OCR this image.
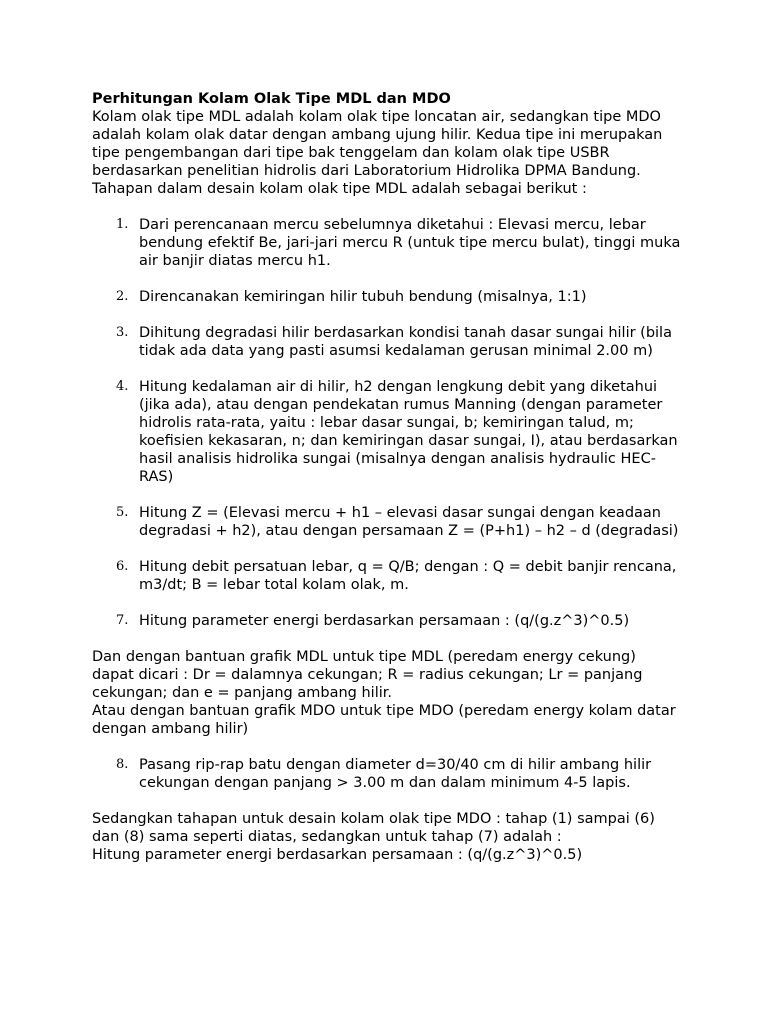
Perhitungan Kolam Olak Tipe MDL dan MDO

Kolam olak tipe MDL adalah kolam olak tipe loncatan air, sedangkan tipe MDO adalah kolam olak datar dengan ambang ujung hilir. Kedua tipe ini merupakan tipe pengembangan dari tipe bak tenggelam dan kolam olak tipe USBR berdasarkan penelitian hidrolis dari Laboratorium Hidrolika DPMA Bandung.

Tahapan dalam desain kolam olak tipe MDL adalah sebagai berikut :

1. Dari perencanaan mercu sebelumnya diketahui : Elevasi mercu, lebar bendung efektif Be, jari-jari mercu R (untuk tipe mercu bulat), tinggi muka air banjir diatas mercu h1.
2. Direncanakan kemiringan hilir tubuh bendung (misalnya, 1:1)
3. Dihitung degradasi hilir berdasarkan kondisi tanah dasar sungai hilir (bila tidak ada data yang pasti asumsi kedalaman gerusan minimal 2.00 m)
4. Hitung kedalaman air di hilir, h2 dengan lengkung debit yang diketahui (jika ada), atau dengan pendekatan rumus Manning (dengan parameter hidrolis rata-rata, yaitu : lebar dasar sungai, b; kemiringan talud, m; koefisien kekasaran, n; dan kemiringan dasar sungai, I), atau berdasarkan hasil analisis hidrolika sungai (misalnya dengan analisis hydraulic HEC-RAS)
5. Hitung Z = (Elevasi mercu + h1 – elevasi dasar sungai dengan keadaan degradasi + h2), atau dengan persamaan Z = (P+h1) – h2 – d (degradasi)
6. Hitung debit persatuan lebar, q = Q/B; dengan : Q = debit banjir rencana, m3/dt; B = lebar total kolam olak, m.
7. Hitung parameter energi berdasarkan persamaan : (q/(g.z^3)^0.5)

Dan dengan bantuan grafik MDL untuk tipe MDL (peredam energy cekung) dapat dicari : Dr = dalamnya cekungan; R = radius cekungan; Lr = panjang cekungan; dan e = panjang ambang hilir.

Atau dengan bantuan grafik MDO untuk tipe MDO (peredam energy kolam datar dengan ambang hilir)

8. Pasang rip-rap batu dengan diameter d=30/40 cm di hilir ambang hilir cekungan dengan panjang > 3.00 m dan dalam minimum 4-5 lapis.

Sedangkan tahapan untuk desain kolam olak tipe MDO : tahap (1) sampai (6) dan (8) sama seperti diatas, sedangkan untuk tahap (7) adalah :

Hitung parameter energi berdasarkan persamaan : (q/(g.z^3)^0.5)
